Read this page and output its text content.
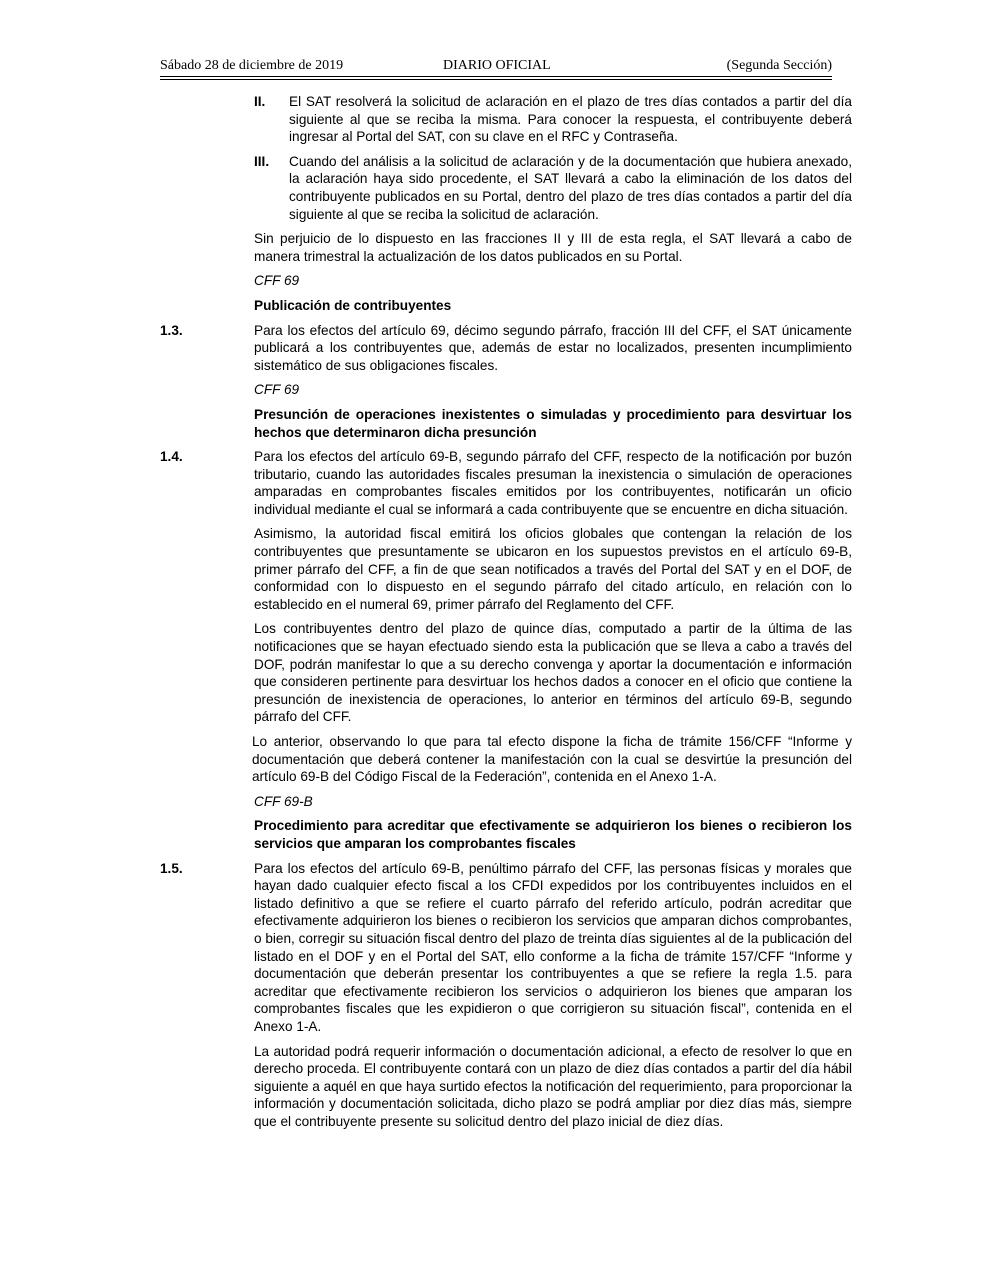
Sábado 28 de diciembre de 2019	DIARIO OFICIAL	(Segunda Sección)
II. El SAT resolverá la solicitud de aclaración en el plazo de tres días contados a partir del día siguiente al que se reciba la misma. Para conocer la respuesta, el contribuyente deberá ingresar al Portal del SAT, con su clave en el RFC y Contraseña.
III. Cuando del análisis a la solicitud de aclaración y de la documentación que hubiera anexado, la aclaración haya sido procedente, el SAT llevará a cabo la eliminación de los datos del contribuyente publicados en su Portal, dentro del plazo de tres días contados a partir del día siguiente al que se reciba la solicitud de aclaración.

Sin perjuicio de lo dispuesto en las fracciones II y III de esta regla, el SAT llevará a cabo de manera trimestral la actualización de los datos publicados en su Portal.

CFF 69

Publicación de contribuyentes

1.3.	Para los efectos del artículo 69, décimo segundo párrafo, fracción III del CFF, el SAT únicamente publicará a los contribuyentes que, además de estar no localizados, presenten incumplimiento sistemático de sus obligaciones fiscales.

CFF 69

Presunción de operaciones inexistentes o simuladas y procedimiento para desvirtuar los hechos que determinaron dicha presunción

1.4.	Para los efectos del artículo 69-B, segundo párrafo del CFF, respecto de la notificación por buzón tributario, cuando las autoridades fiscales presuman la inexistencia o simulación de operaciones amparadas en comprobantes fiscales emitidos por los contribuyentes, notificarán un oficio individual mediante el cual se informará a cada contribuyente que se encuentre en dicha situación.

Asimismo, la autoridad fiscal emitirá los oficios globales que contengan la relación de los contribuyentes que presuntamente se ubicaron en los supuestos previstos en el artículo 69-B, primer párrafo del CFF, a fin de que sean notificados a través del Portal del SAT y en el DOF, de conformidad con lo dispuesto en el segundo párrafo del citado artículo, en relación con lo establecido en el numeral 69, primer párrafo del Reglamento del CFF.

Los contribuyentes dentro del plazo de quince días, computado a partir de la última de las notificaciones que se hayan efectuado siendo esta la publicación que se lleva a cabo a través del DOF, podrán manifestar lo que a su derecho convenga y aportar la documentación e información que consideren pertinente para desvirtuar los hechos dados a conocer en el oficio que contiene la presunción de inexistencia de operaciones, lo anterior en términos del artículo 69-B, segundo párrafo del CFF.

Lo anterior, observando lo que para tal efecto dispone la ficha de trámite 156/CFF “Informe y documentación que deberá contener la manifestación con la cual se desvirtúe la presunción del artículo 69-B del Código Fiscal de la Federación”, contenida en el Anexo 1-A.

CFF 69-B

Procedimiento para acreditar que efectivamente se adquirieron los bienes o recibieron los servicios que amparan los comprobantes fiscales

1.5.	Para los efectos del artículo 69-B, penúltimo párrafo del CFF, las personas físicas y morales que hayan dado cualquier efecto fiscal a los CFDI expedidos por los contribuyentes incluidos en el listado definitivo a que se refiere el cuarto párrafo del referido artículo, podrán acreditar que efectivamente adquirieron los bienes o recibieron los servicios que amparan dichos comprobantes, o bien, corregir su situación fiscal dentro del plazo de treinta días siguientes al de la publicación del listado en el DOF y en el Portal del SAT, ello conforme a la ficha de trámite 157/CFF “Informe y documentación que deberán presentar los contribuyentes a que se refiere la regla 1.5. para acreditar que efectivamente recibieron los servicios o adquirieron los bienes que amparan los comprobantes fiscales que les expidieron o que corrigieron su situación fiscal”, contenida en el Anexo 1-A.

La autoridad podrá requerir información o documentación adicional, a efecto de resolver lo que en derecho proceda. El contribuyente contará con un plazo de diez días contados a partir del día hábil siguiente a aquél en que haya surtido efectos la notificación del requerimiento, para proporcionar la información y documentación solicitada, dicho plazo se podrá ampliar por diez días más, siempre que el contribuyente presente su solicitud dentro del plazo inicial de diez días.
